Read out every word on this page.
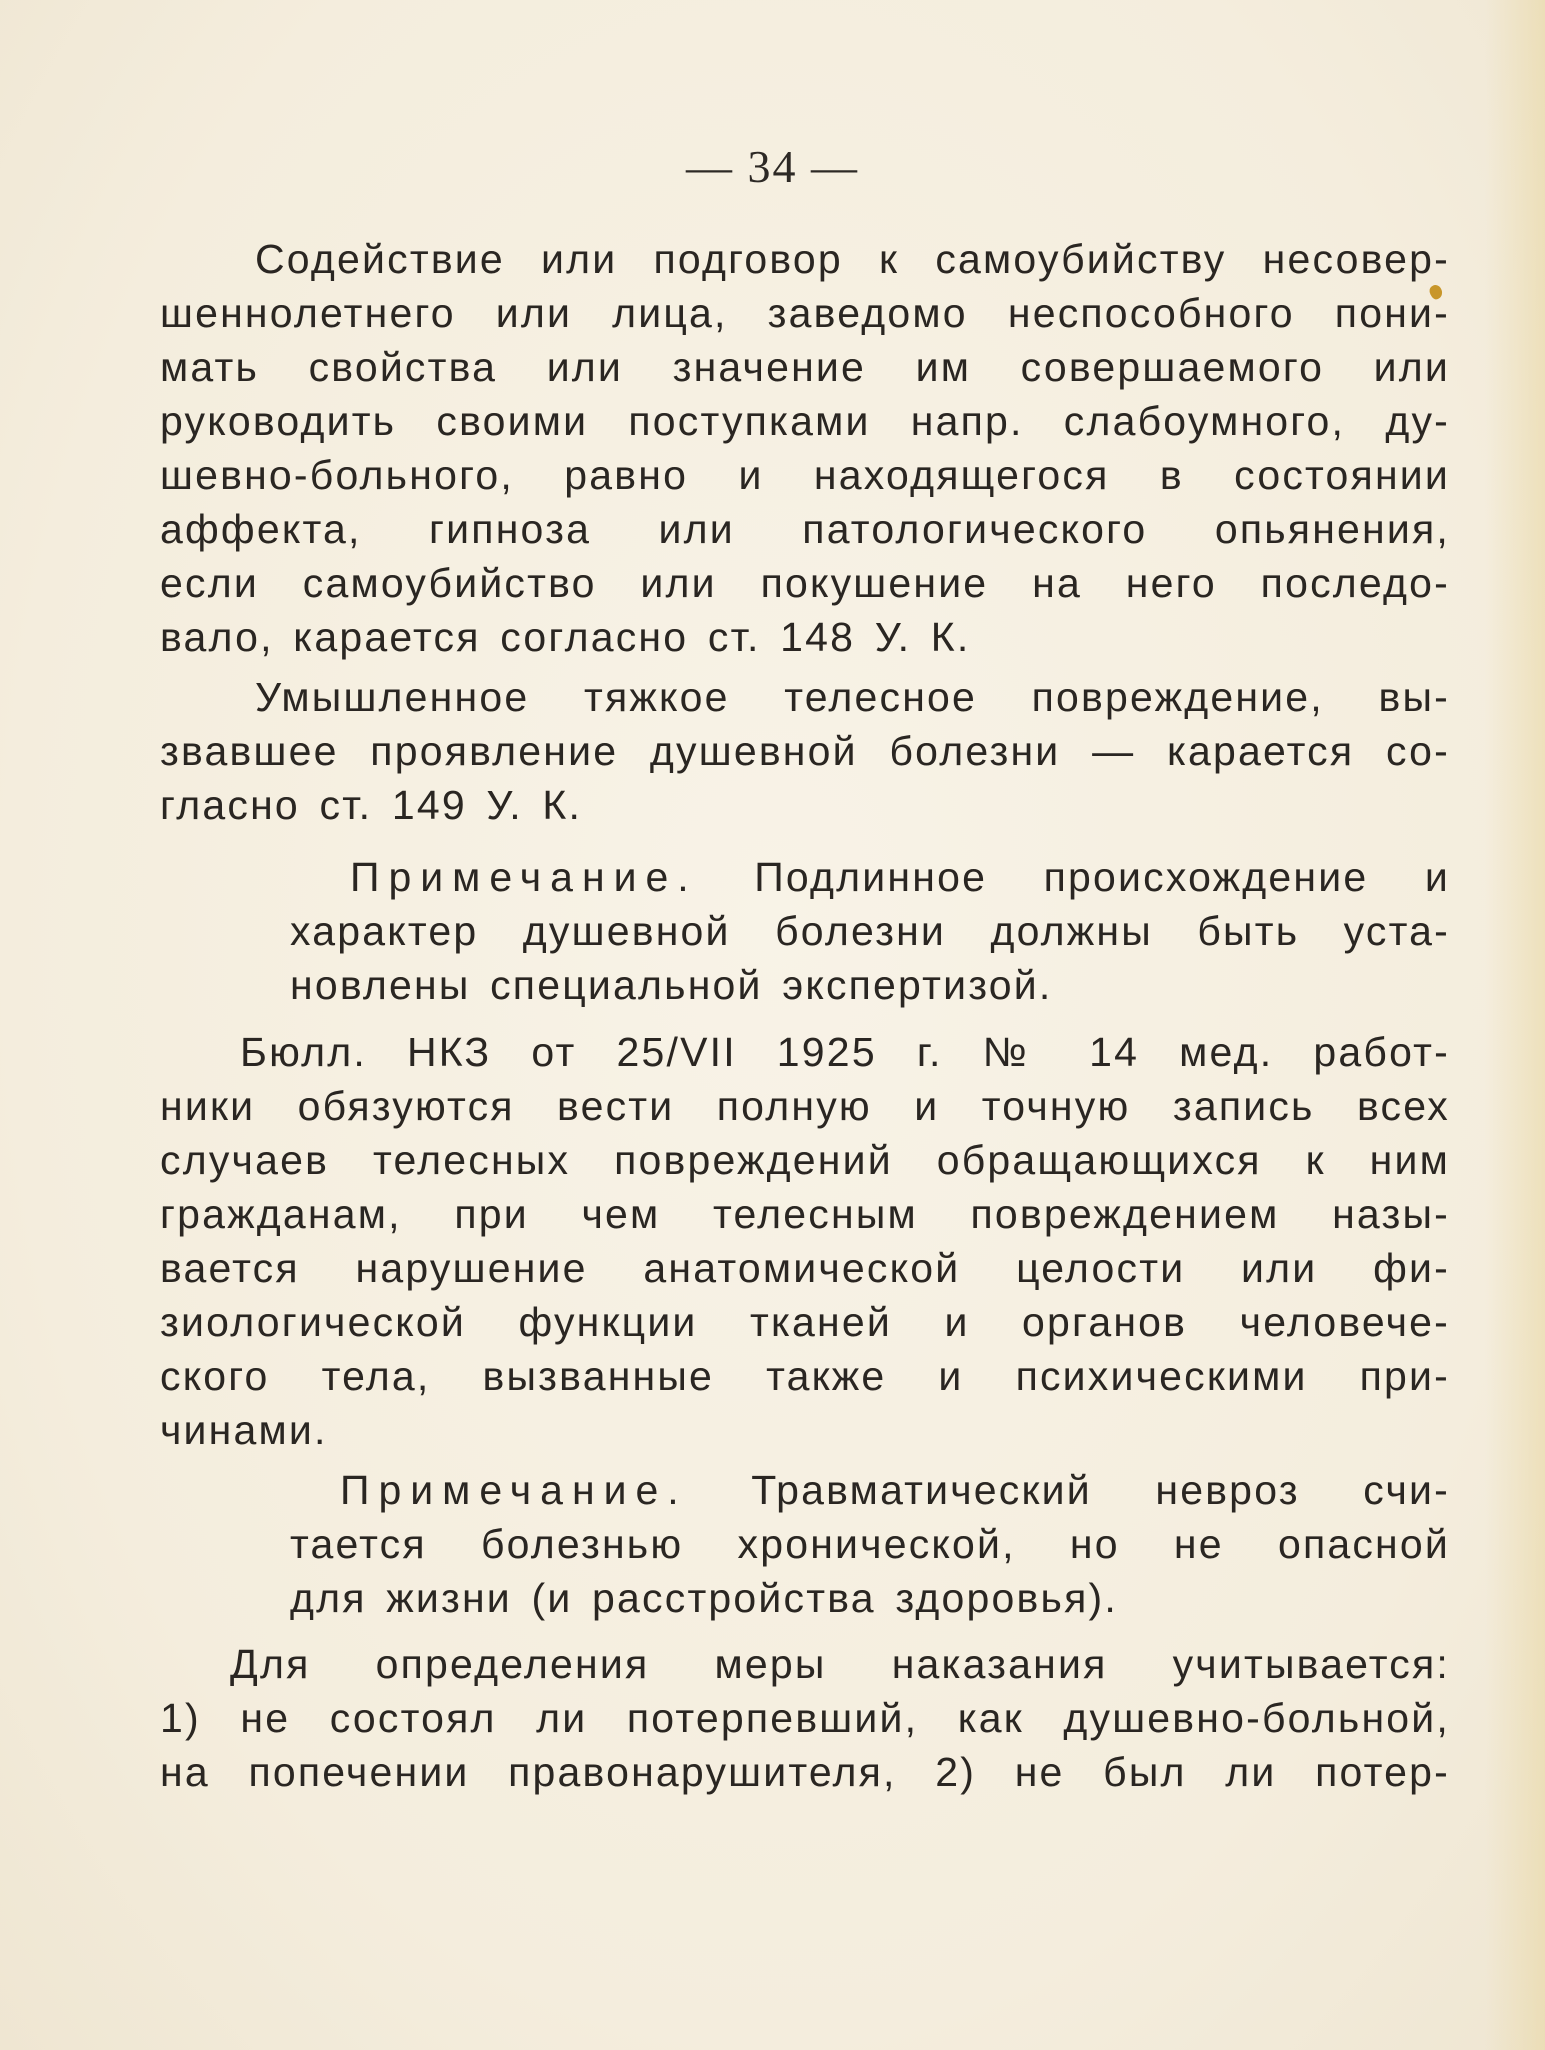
— 34 —
Содействие или подговор к самоубийству несовер-
шеннолетнего или лица, заведомо неспособного пони-
мать свойства или значение им совершаемого или
руководить своими поступками напр. слабоумного, ду-
шевно-больного, равно и находящегося в состоянии
аффекта, гипноза или патологического опьянения,
если самоубийство или покушение на него последо-
вало, карается согласно ст. 148 У. К.
Умышленное тяжкое телесное повреждение, вы-
звавшее проявление душевной болезни — карается со-
гласно ст. 149 У. К.
Примечание. Подлинное происхождение и
характер душевной болезни должны быть уста-
новлены специальной экспертизой.
Бюлл. НКЗ от 25/VII 1925 г. № 14 мед. работ-
ники обязуются вести полную и точную запись всех
случаев телесных повреждений обращающихся к ним
гражданам, при чем телесным повреждением назы-
вается нарушение анатомической целости или фи-
зиологической функции тканей и органов человече-
ского тела, вызванные также и психическими при-
чинами.
Примечание. Травматический невроз счи-
тается болезнью хронической, но не опасной
для жизни (и расстройства здоровья).
Для определения меры наказания учитывается:
1) не состоял ли потерпевший, как душевно-больной,
на попечении правонарушителя, 2) не был ли потер-
